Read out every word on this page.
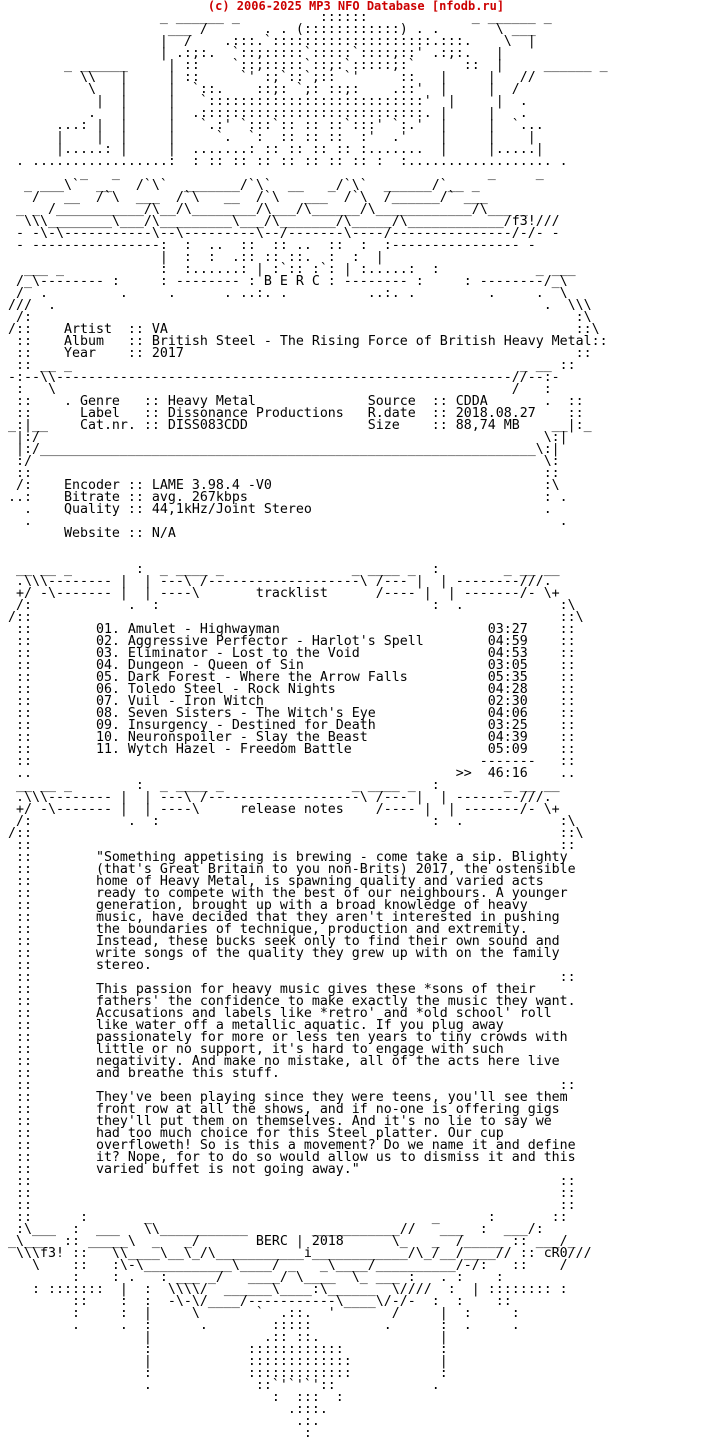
(c) 2006-2025 MP3 NFO Database [nfodb.ru]
_ ______ _          ::::::             _ ______ _
___ /       . . (::::::::::::) . .       \ ___
|  /    .:::.`::::::::::::::::::::.:::.    \  |
| .:;:.  `::;:::::`:::::`::::;::' .:;:.   |
_ ______     | ::    `::;:::::`::;:`:::::;:`      ::  |     ______ _
\\   |     | ::     `' :;`::`;:: `'     ::   |     |   //
\   |     |  `::.    ::;: `;: ::;:    .::'  |     |  /
|  |     |   `:::::::::::::::::::::::::::'  |     |  .
.   |     |  .::::::::::::::::::::::::::::. |     |   .
...: |  |     |   `.:' `:::`:: :: ::`:::' `:.'  |     |  `...
|    |  |     |     `.  `:  :: :: ::  :'  .'    |     |    |
|.....: |     |  .......: :: :: :: :: :.......  |     |.....|
. .................:  : :: :: :: :: :: :: :: :  :.................. .
_   _                                              _     _
_ ___\`  __   /`\`  _______/`\`  __   _/`\`  ______/`__ _
/   __  /`\  ___  /`\   __  /`\   ___  /`\  /______/` ___
_ _ /___________/\__/\________/\___/\______/\____________/\___ _
\\\________\___/\_________\___/\_______/\_____/\____________/f3!///
- -\-\-----------\--\---------\--/-------\----/---------------/-/- -
- ----------------:  :  ..  ::  :: ..  ::  :  :---------------- -
|  :  :  .:: :: ::.  :  :  |
___ _            :  :......: | :`:: :`: | :.....:  :            _ ___
/_\-------- :     : -------- : B E R C : -------- :     : --------/_\
/  .         .     .      . ..:. .          ..:. .         .     .  \
///  .                                                             .  \\\
/:                                                                    :\
/::    Artist  :: VA                                                   ::\
::    Album   :: British Steel - The Rising Force of British Heavy Metal::
::    Year    :: 2017                                                 ::
:: __ _                                                        _ __ ::
-:--\\---------------------------------------------------------//--:-
:   \                                                         /   :
::    . Genre   :: Heavy Metal              Source  :: CDDA       .  ::
::      Label   :: Dissonance Productions   R.date  :: 2018.08.27    ::
_:|__    Cat.nr. :: DISS083CDD               Size    :: 88,74 MB    __|:_
|:/                                                               \:|
|:/______________________________________________________________\:|
:/                                                                \:
::                                                                ::
/:    Encoder :: LAME 3.98.4 -V0                                  :\
..:    Bitrate :: avg. 267kbps                                     : .
.    Quality :: 44,1kHz/Joint Stereo                             .
.                                                                  .
Website :: N/A

__ __ _        :  _ ____ _                _ ____ _  :        _ __ __
.\\\-------- |  | ---\ /-------------------\ /--- |  | --------///.
+/ -\------- |  | ----\       tracklist      /---- |  | -------/- \+
/:            .  :                                  :  .            :\
/::                                                                  ::\
::        01. Amulet - Highwayman                          03:27    ::
::        02. Aggressive Perfector - Harlot's Spell        04:59    ::
::        03. Eliminator - Lost to the Void                04:53    ::
::        04. Dungeon - Queen of Sin                       03:05    ::
::        05. Dark Forest - Where the Arrow Falls          05:35    ::
::        06. Toledo Steel - Rock Nights                   04:28    ::
::        07. Vuil - Iron Witch                            02:30    ::
::        08. Seven Sisters - The Witch's Eye              04:06    ::
::        09. Insurgency - Destined for Death              03:25    ::
::        10. Neuronspoiler - Slay the Beast               04:39    ::
::        11. Wytch Hazel - Freedom Battle                 05:09    ::
::                                                        -------   ::
..                                                     >>  46:16    ..
__ __ _        :  _ ____ _                _ ____ _  :        _ __ __
.\\\-------- |  | ---\ /-------------------\ /--- |  | --------///.
+/ -\------- |  | ----\     release notes    /---- |  | -------/- \+
/:            .  :                                  :  .            :\
/::                                                                  ::\
::                                                                  ::
::        "Something appetising is brewing - come take a sip. Blighty
::        (that's Great Britain to you non-Brits) 2017, the ostensible
::        home of Heavy Metal, is spawning quality and varied acts
::        ready to compete with the best of our neighbours. A younger
::        generation, brought up with a broad knowledge of heavy
::        music, have decided that they aren't interested in pushing
::        the boundaries of technique, production and extremity.
::        Instead, these bucks seek only to find their own sound and
::        write songs of the quality they grew up with on the family
::        stereo.
::                                                                  ::
::        This passion for heavy music gives these *sons of their
::        fathers' the confidence to make exactly the music they want.
::        Accusations and labels like *retro' and *old school' roll
::        like water off a metallic aquatic. If you plug away
::        passionately for more or less ten years to tiny crowds with
::        little or no support, it's hard to engage with such
::        negativity. And make no mistake, all of the acts here live
::        and breathe this stuff.
::                                                                  ::
::        They've been playing since they were teens, you'll see them
::        front row at all the shows, and if no-one is offering gigs
::        they'll put them on themselves. And it's no lie to say we
::        had too much choice for this Steel platter. Our cup
::        overfloweth! So is this a movement? Do we name it and define
::        it? Nope, for to do so would allow us to dismiss it and this
::        varied buffet is not going away."
::                                                                  ::
::                                                                  ::
::                                                                  ::
::      :       _                                   _      :       ::
:\___  :  ___   \\___________        ___________//   ___  :  ___/:
_\___  :: _____\  _   _/       BERC | 2018      \_   _  /_____ :: ___/_
\\\f3! ::   \\____\__\_/\___________i____________/\_/__/____// :: cR0///
\    ::   :\-\___________\____/ _   _\____/__________/-/:   ::    /
:    : .   : ___ _/   ____/ \____  \_ ___ :   . :    :
: :::::::  |  :  \\\\/  ______\____:\______  \////  :  | :::::::: :
::    :  :  -\-\/____/-----------\____\/-/-  :  :    ::
:     :  |     \       `  .::.  '       /     |  :     :
.     .  :      .        :::::         .      :  .     .
|              .:: ::.               |
:            ::::::::::::            :
|            :::::::::::::           |
:            :::::::::::::           :
.             ::`'`'`'::            .
:  :::  :
.:::.
.:.
:
